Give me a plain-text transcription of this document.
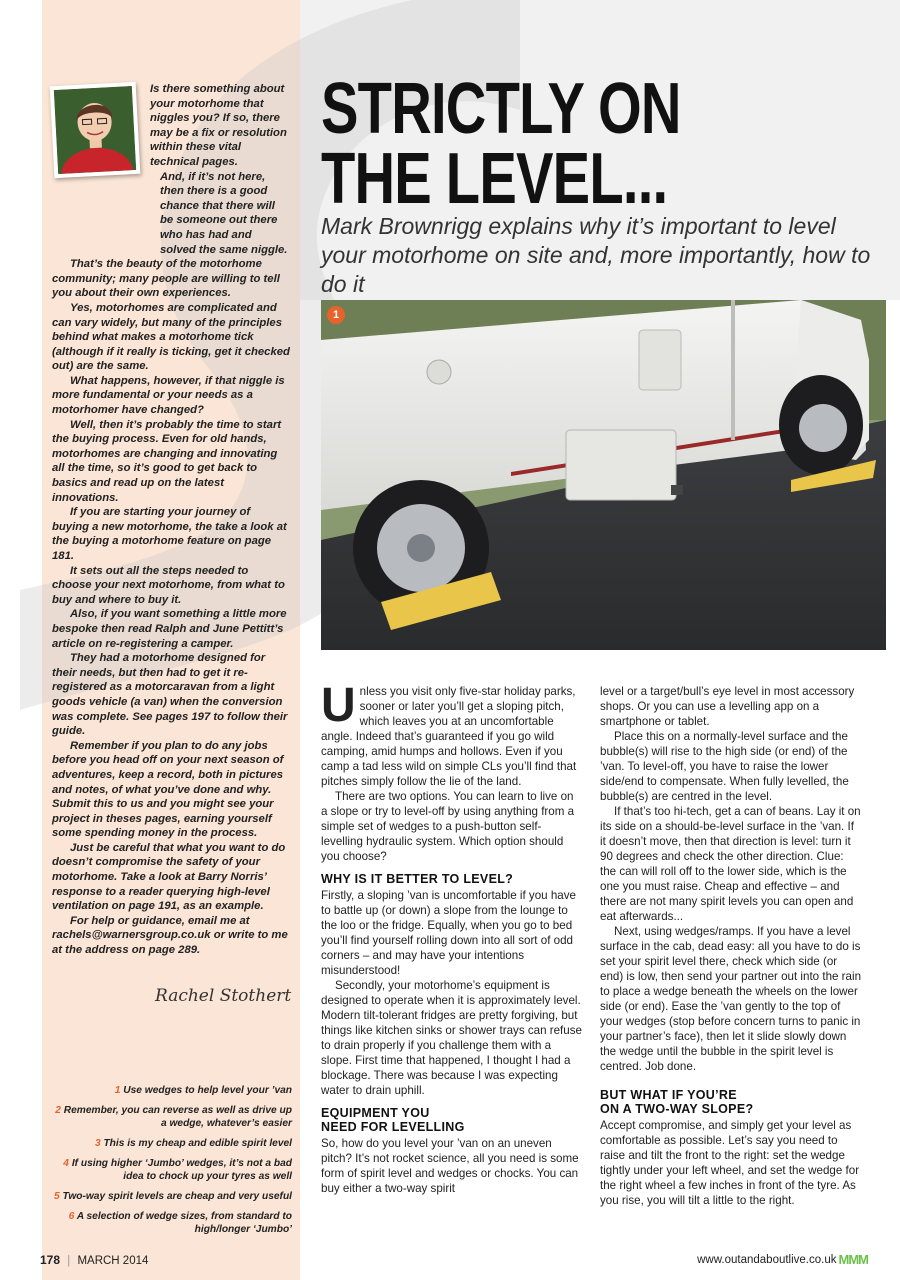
Is there something about your motorhome that niggles you? If so, there may be a fix or resolution within these vital technical pages.

And, if it’s not here, then there is a good chance that there will be someone out there who has had and solved the same niggle.

That’s the beauty of the motorhome community; many people are willing to tell you about their own experiences.

Yes, motorhomes are complicated and can vary widely, but many of the principles behind what makes a motorhome tick (although if it really is ticking, get it checked out) are the same.

What happens, however, if that niggle is more fundamental or your needs as a motorhomer have changed?

Well, then it’s probably the time to start the buying process. Even for old hands, motorhomes are changing and innovating all the time, so it’s good to get back to basics and read up on the latest innovations.

If you are starting your journey of buying a new motorhome, the take a look at the buying a motorhome feature on page 181.

It sets out all the steps needed to choose your next motorhome, from what to buy and where to buy it.

Also, if you want something a little more bespoke then read Ralph and June Pettitt’s article on re-registering a camper.

They had a motorhome designed for their needs, but then had to get it re-registered as a motorcaravan from a light goods vehicle (a van) when the conversion was complete. See pages 197 to follow their guide.

Remember if you plan to do any jobs before you head off on your next season of adventures, keep a record, both in pictures and notes, of what you’ve done and why. Submit this to us and you might see your project in theses pages, earning yourself some spending money in the process.

Just be careful that what you want to do doesn’t compromise the safety of your motorhome. Take a look at Barry Norris’ response to a reader querying high-level ventilation on page 191, as an example.

For help or guidance, email me at rachels@warnersgroup.co.uk or write to me at the address on page 289.

Rachel Stothert
1 Use wedges to help level your ’van
2 Remember, you can reverse as well as drive up a wedge, whatever’s easier
3 This is my cheap and edible spirit level
4 If using higher ‘Jumbo’ wedges, it’s not a bad idea to chock up your tyres as well
5 Two-way spirit levels are cheap and very useful
6 A selection of wedge sizes, from standard to high/longer ‘Jumbo’
STRICTLY ON
THE LEVEL...
Mark Brownrigg explains why it’s important to level your motorhome on site and, more importantly, how to do it
1

Unless you visit only five-star holiday parks, sooner or later you’ll get a sloping pitch, which leaves you at an uncomfortable angle. Indeed that’s guaranteed if you go wild camping, amid humps and hollows. Even if you camp a tad less wild on simple CLs you’ll find that pitches simply follow the lie of the land.

There are two options. You can learn to live on a slope or try to level-off by using anything from a simple set of wedges to a push-button self-levelling hydraulic system. Which option should you choose?

WHY IS IT BETTER TO LEVEL?

Firstly, a sloping ’van is uncomfortable if you have to battle up (or down) a slope from the lounge to the loo or the fridge. Equally, when you go to bed you’ll find yourself rolling down into all sort of odd corners – and may have your intentions misunderstood!

Secondly, your motorhome’s equipment is designed to operate when it is approximately level. Modern tilt-tolerant fridges are pretty forgiving, but things like kitchen sinks or shower trays can refuse to drain properly if you challenge them with a slope. First time that happened, I thought I had a blockage. There was because I was expecting water to drain uphill.

EQUIPMENT YOU
NEED FOR LEVELLING

So, how do you level your ’van on an uneven pitch? It’s not rocket science, all you need is some form of spirit level and wedges or chocks. You can buy either a two-way spirit

level or a target/bull’s eye level in most accessory shops. Or you can use a levelling app on a smartphone or tablet.

Place this on a normally-level surface and the bubble(s) will rise to the high side (or end) of the ’van. To level-off, you have to raise the lower side/end to compensate. When fully levelled, the bubble(s) are centred in the level.

If that’s too hi-tech, get a can of beans. Lay it on its side on a should-be-level surface in the ’van. If it doesn’t move, then that direction is level: turn it 90 degrees and check the other direction. Clue: the can will roll off to the lower side, which is the one you must raise. Cheap and effective – and there are not many spirit levels you can open and eat afterwards...

Next, using wedges/ramps. If you have a level surface in the cab, dead easy: all you have to do is set your spirit level there, check which side (or end) is low, then send your partner out into the rain to place a wedge beneath the wheels on the lower side (or end). Ease the ’van gently to the top of your wedges (stop before concern turns to panic in your partner’s face), then let it slide slowly down the wedge until the bubble in the spirit level is centred. Job done.

BUT WHAT IF YOU’RE
ON A TWO-WAY SLOPE?

Accept compromise, and simply get your level as comfortable as possible. Let’s say you need to raise and tilt the front to the right: set the wedge tightly under your left wheel, and set the wedge for the right wheel a few inches in front of the tyre. As you rise, you will tilt a little to the right.

178 | MARCH 2014	www.outandaboutlive.co.uk MMM
